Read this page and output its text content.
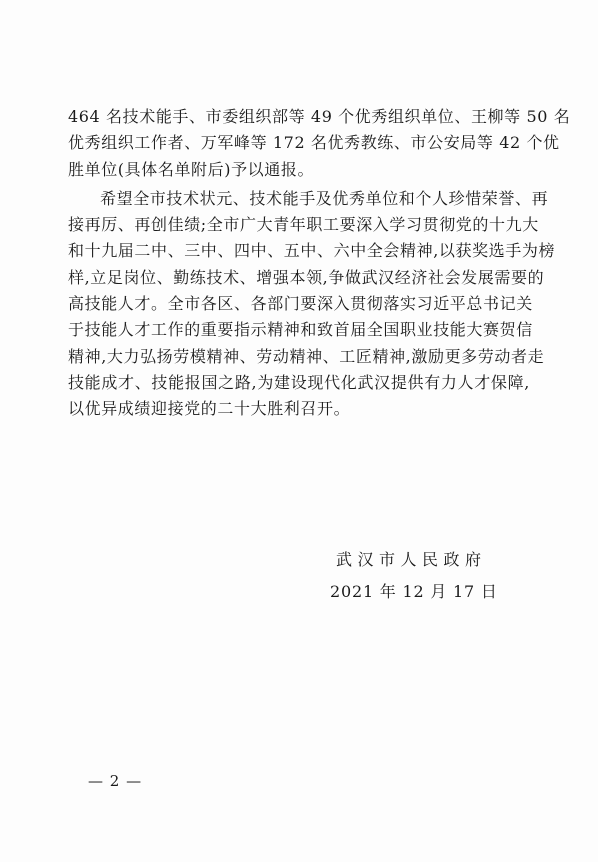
464 名技术能手、市委组织部等 49 个优秀组织单位、王柳等 50 名
优秀组织工作者、万军峰等 172 名优秀教练、市公安局等 42 个优
胜单位(具体名单附后)予以通报。
希望全市技术状元、技术能手及优秀单位和个人珍惜荣誉、再
接再厉、再创佳绩;全市广大青年职工要深入学习贯彻党的十九大
和十九届二中、三中、四中、五中、六中全会精神,以获奖选手为榜
样,立足岗位、勤练技术、增强本领,争做武汉经济社会发展需要的
高技能人才。全市各区、各部门要深入贯彻落实习近平总书记关
于技能人才工作的重要指示精神和致首届全国职业技能大赛贺信
精神,大力弘扬劳模精神、劳动精神、工匠精神,激励更多劳动者走
技能成才、技能报国之路,为建设现代化武汉提供有力人才保障,
以优异成绩迎接党的二十大胜利召开。
武汉市人民政府
2021 年 12 月 17 日
— 2 —
